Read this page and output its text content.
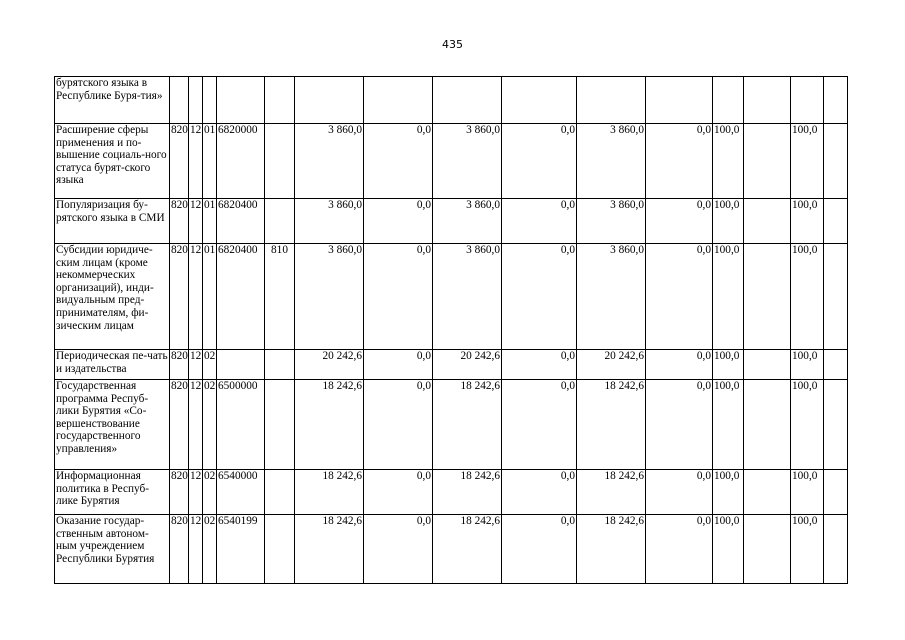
435
бурятского языка в Республике Буря-тия»															
Расширение сферы применения и по-вышение социаль-ного статуса бурят-ского языка	820	12	01	6820000		3 860,0	0,0	3 860,0	0,0	3 860,0	0,0	100,0		100,0	
Популяризация бу-рятского языка в СМИ	820	12	01	6820400		3 860,0	0,0	3 860,0	0,0	3 860,0	0,0	100,0		100,0	
Субсидии юридиче-ским лицам (кроме некоммерческих организаций), инди-видуальным пред-принимателям, фи-зическим лицам	820	12	01	6820400	810	3 860,0	0,0	3 860,0	0,0	3 860,0	0,0	100,0		100,0	
Периодическая пе-чать и издательства	820	12	02			20 242,6	0,0	20 242,6	0,0	20 242,6	0,0	100,0		100,0	
Государственная программа Респуб-лики Бурятия «Со-вершенствование государственного управления»	820	12	02	6500000		18 242,6	0,0	18 242,6	0,0	18 242,6	0,0	100,0		100,0	
Информационная политика в Респуб-лике Бурятия	820	12	02	6540000		18 242,6	0,0	18 242,6	0,0	18 242,6	0,0	100,0		100,0	
Оказание государ-ственным автоном-ным учреждением Республики Бурятия	820	12	02	6540199		18 242,6	0,0	18 242,6	0,0	18 242,6	0,0	100,0		100,0	
